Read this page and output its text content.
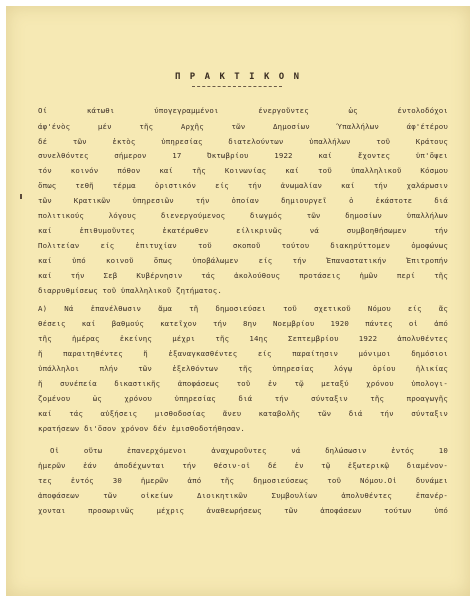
Π Ρ Α Κ Τ Ι Κ Ο Ν
Οί κάτωθι ύπογεγραμμένοι ένεργοῦντες ὡς έντολοδόχοι
άφ'ένὸς μέν τῆς Αρχῆς τῶν Δημοσίων Ύπαλλήλων άφ'έτέρου
δέ τῶν ἐκτὸς ὑπηρεσίας διατελούντων ὑπαλλήλων τοῦ Κράτους
συνελθόντες σήμερον 17 Όκτωβρίου 1922 καί ἔχοντες ὑπ'ὄψει
τόν κοινόν πόθον καί τῆς Κοινωνίας καί τοῦ ὑπαλληλικοῦ Κόσμου
ὅπως τεθῆ τέρμα ὁριστικόν είς τήν ἀνωμαλίαν καί τήν χαλάρωσιν
τῶν Κρατικῶν ὑπηρεσιῶν τήν ὁποίαν δημιουργεῖ ὁ ἐκάστοτε διά
πολιτικούς λόγους διενεργούμενος διωγμός τῶν δημοσίων ὑπαλλήλων
καί ἐπιθυμοῦντες ἑκατέρωθεν είλικρινῶς νά συμβοηθήσωμεν τήν
Πολιτείαν είς ἐπιτυχίαν τοῦ σκοποῦ τούτου διακηρύττομεν ὁμοφώνως
καί ὑπό κοινοῦ ὅπως ὑποβάλωμεν είς τήν Έπαναστατικήν Έπιτροπήν
καί τήν Σεβ Κυβέρνησιν τάς ἀκολούθους προτάσεις ἡμῶν περί τῆς
διαρρυθμίσεως τοῦ ὑπαλληλικοῦ ζητήματος.
Α) Νά ἐπανέλθωσιν ἅμα τῆ δημοσιεύσει τοῦ σχετικοῦ Νόμου είς ἅς
θέσεις καί βαθμούς κατεῖχον τήν 8ην Νοεμβρίου 1920 πάντες οἱ ἀπό
τῆς ἡμέρας ἐκείνης μέχρι τῆς 14ης Σεπτεμβρίου 1922 ἀπολυθέντες
ἤ παραιτηθέντες ἤ ἐξαναγκασθέντες είς παραίτησιν μόνιμοι δημόσιοι
ὑπάλληλοι πλήν τῶν ἐξελθόντων τῆς ὑπηρεσίας λόγῳ ὁρίου ἡλικίας
ἤ συνέπεία δικαστικῆς ἀποφάσεως τοῦ ἐν τῷ μεταξύ χρόνου ὑπολογι-
ζομένου ὡς χρόνου ὑπηρεσίας διά τήν σύνταξιν τῆς προαγωγῆς
καί τάς αὐξήσεις μισθοδοσίας ἄνευ καταβολῆς τῶν διά τήν σύνταξιν
κρατήσεων δι'ὅσον χρόνον δέν ἐμισθοδοτήθησαν.
Οἱ οὕτω ἐπανερχόμενοι ἀναχωροῦντες νά δηλώσωσιν ἐντός 10
ἡμερῶν ἐάν ἀποδέχωνται τήν θέσιν·οἱ δέ ἐν τῷ ἐξωτερικῷ διαμένον-
τες ἐντός 30 ἡμερῶν ἀπό τῆς δημοσιεύσεως τοῦ Νόμου.Οἱ δυνάμει
ἀποφάσεων τῶν οἰκείων Διοικητικῶν Συμβουλίων ἀπολυθέντες ἐπανέρ-
χονται προσωρινῶς μέχρις ἀναθεωρήσεως τῶν ἀποφάσεων τούτων ὑπό
